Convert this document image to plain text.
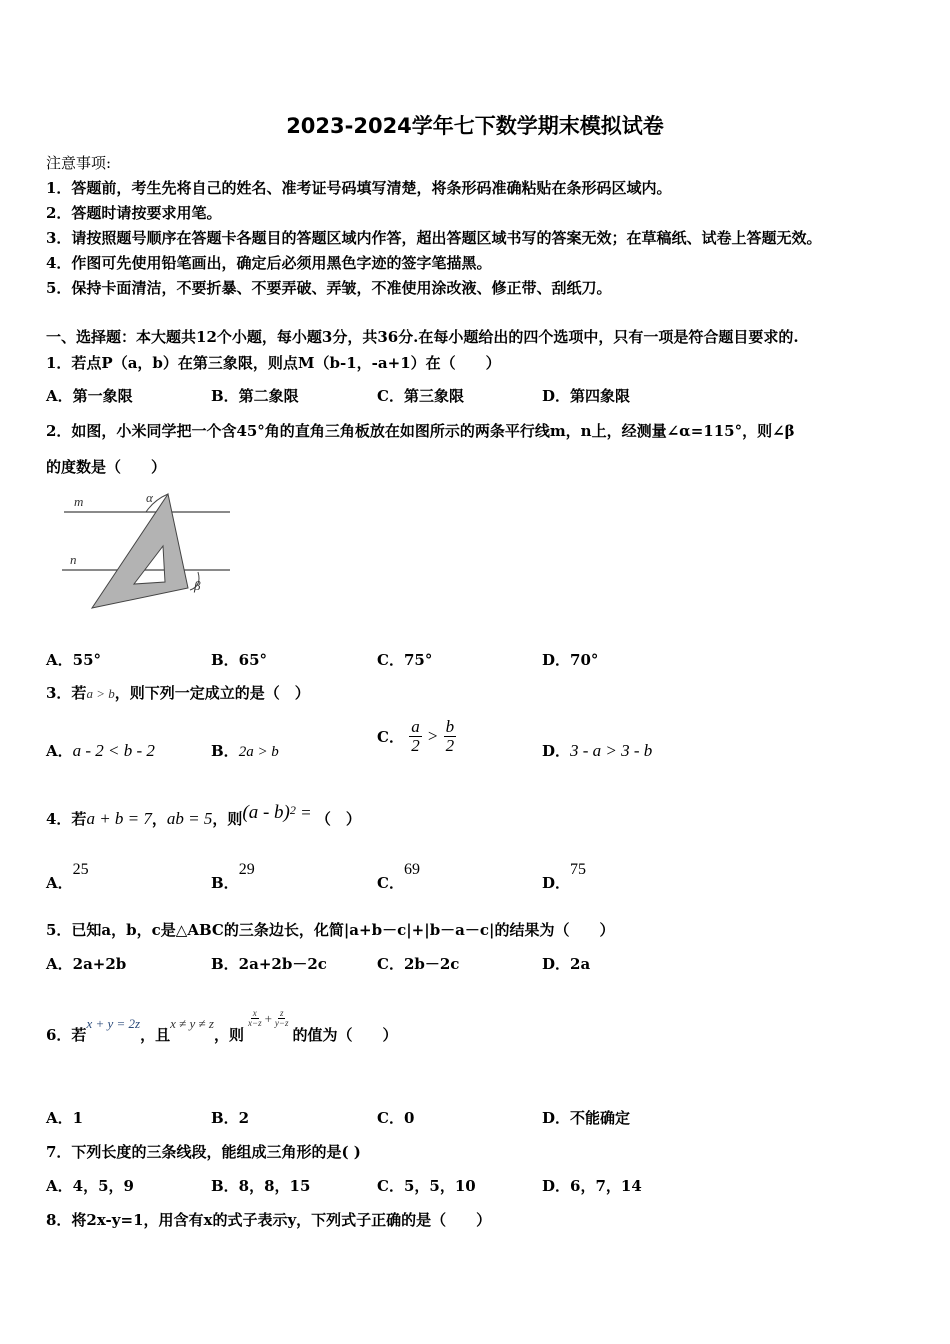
2023-2024学年七下数学期末模拟试卷
注意事项:
1．答题前，考生先将自己的姓名、准考证号码填写清楚，将条形码准确粘贴在条形码区域内。
2．答题时请按要求用笔。
3．请按照题号顺序在答题卡各题目的答题区域内作答，超出答题区域书写的答案无效；在草稿纸、试卷上答题无效。
4．作图可先使用铅笔画出，确定后必须用黑色字迹的签字笔描黑。
5．保持卡面清洁，不要折暴、不要弄破、弄皱，不准使用涂改液、修正带、刮纸刀。
一、选择题：本大题共12个小题，每小题3分，共36分.在每小题给出的四个选项中，只有一项是符合题目要求的.
1．若点P（a，b）在第三象限，则点M（b-1，-a+1）在（　　）
A．第一象限	B．第二象限	C．第三象限	D．第四象限
2．如图，小米同学把一个含45°角的直角三角板放在如图所示的两条平行线m，n上，经测量∠α=115°，则∠β
的度数是（　　）
m
n
α
β
A．55°	B．65°	C．75°	D．70°
3．若a > b，则下列一定成立的是（　）
A．a - 2 < b - 2	B．2a > b
C． $\frac{a}{2} > \frac{b}{2}$	D．3 - a > 3 - b
4．若a + b = 7，ab = 5，则(a - b)$^2$ = （　）
A．25
B．29
C．69
D．75
5．已知a，b，c是△ABC的三条边长，化简|a+b－c|+|b－a－c|的结果为（　　）
A．2a+2b	B．2a+2b－2c	C．2b－2c	D．2a
6．若x + y = 2z，且x ≠ y ≠ z，则
$\frac{x}{x-z} + \frac{z}{y-z}$
的值为（　　）
A．1	B．2	C．0	D．不能确定
7．下列长度的三条线段，能组成三角形的是( )
A．4，5，9	B．8，8，15	C．5，5，10	D．6，7，14
8．将2x-y=1，用含有x的式子表示y，下列式子正确的是（　　）
